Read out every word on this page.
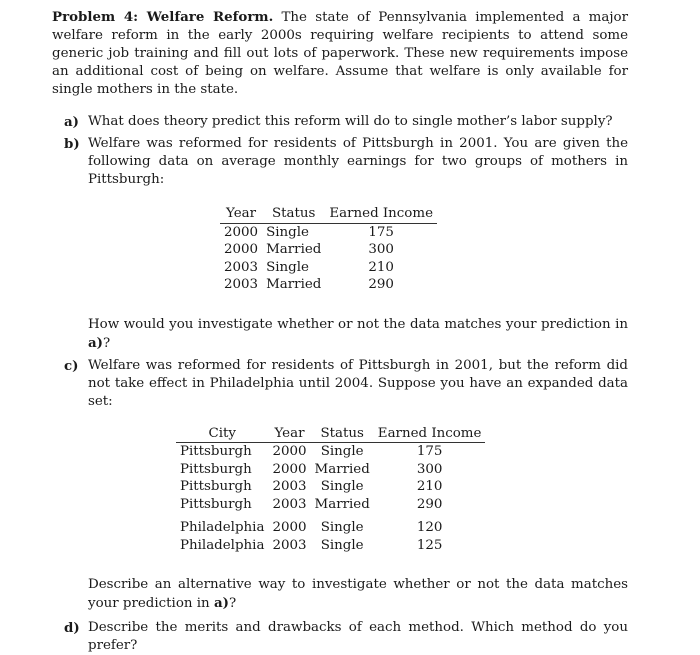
Problem 4: Welfare Reform. The state of Pennsylvania implemented a major welfare reform in the early 2000s requiring welfare recipients to attend some generic job training and fill out lots of paperwork. These new requirements impose an additional cost of being on welfare. Assume that welfare is only available for single mothers in the state.
a) What does theory predict this reform will do to single mother’s labor supply?
b) Welfare was reformed for residents of Pittsburgh in 2001. You are given the following data on average monthly earnings for two groups of mothers in Pittsburgh:
Year	Status	Earned Income
2000	Single	175
2000	Married	300
2003	Single	210
2003	Married	290
How would you investigate whether or not the data matches your prediction in a)?
c) Welfare was reformed for residents of Pittsburgh in 2001, but the reform did not take effect in Philadelphia until 2004. Suppose you have an expanded data set:
City	Year	Status	Earned Income
Pittsburgh	2000	Single	175
Pittsburgh	2000	Married	300
Pittsburgh	2003	Single	210
Pittsburgh	2003	Married	290

Philadelphia	2000	Single	120
Philadelphia	2003	Single	125
Describe an alternative way to investigate whether or not the data matches your prediction in a)?
d) Describe the merits and drawbacks of each method. Which method do you prefer?
